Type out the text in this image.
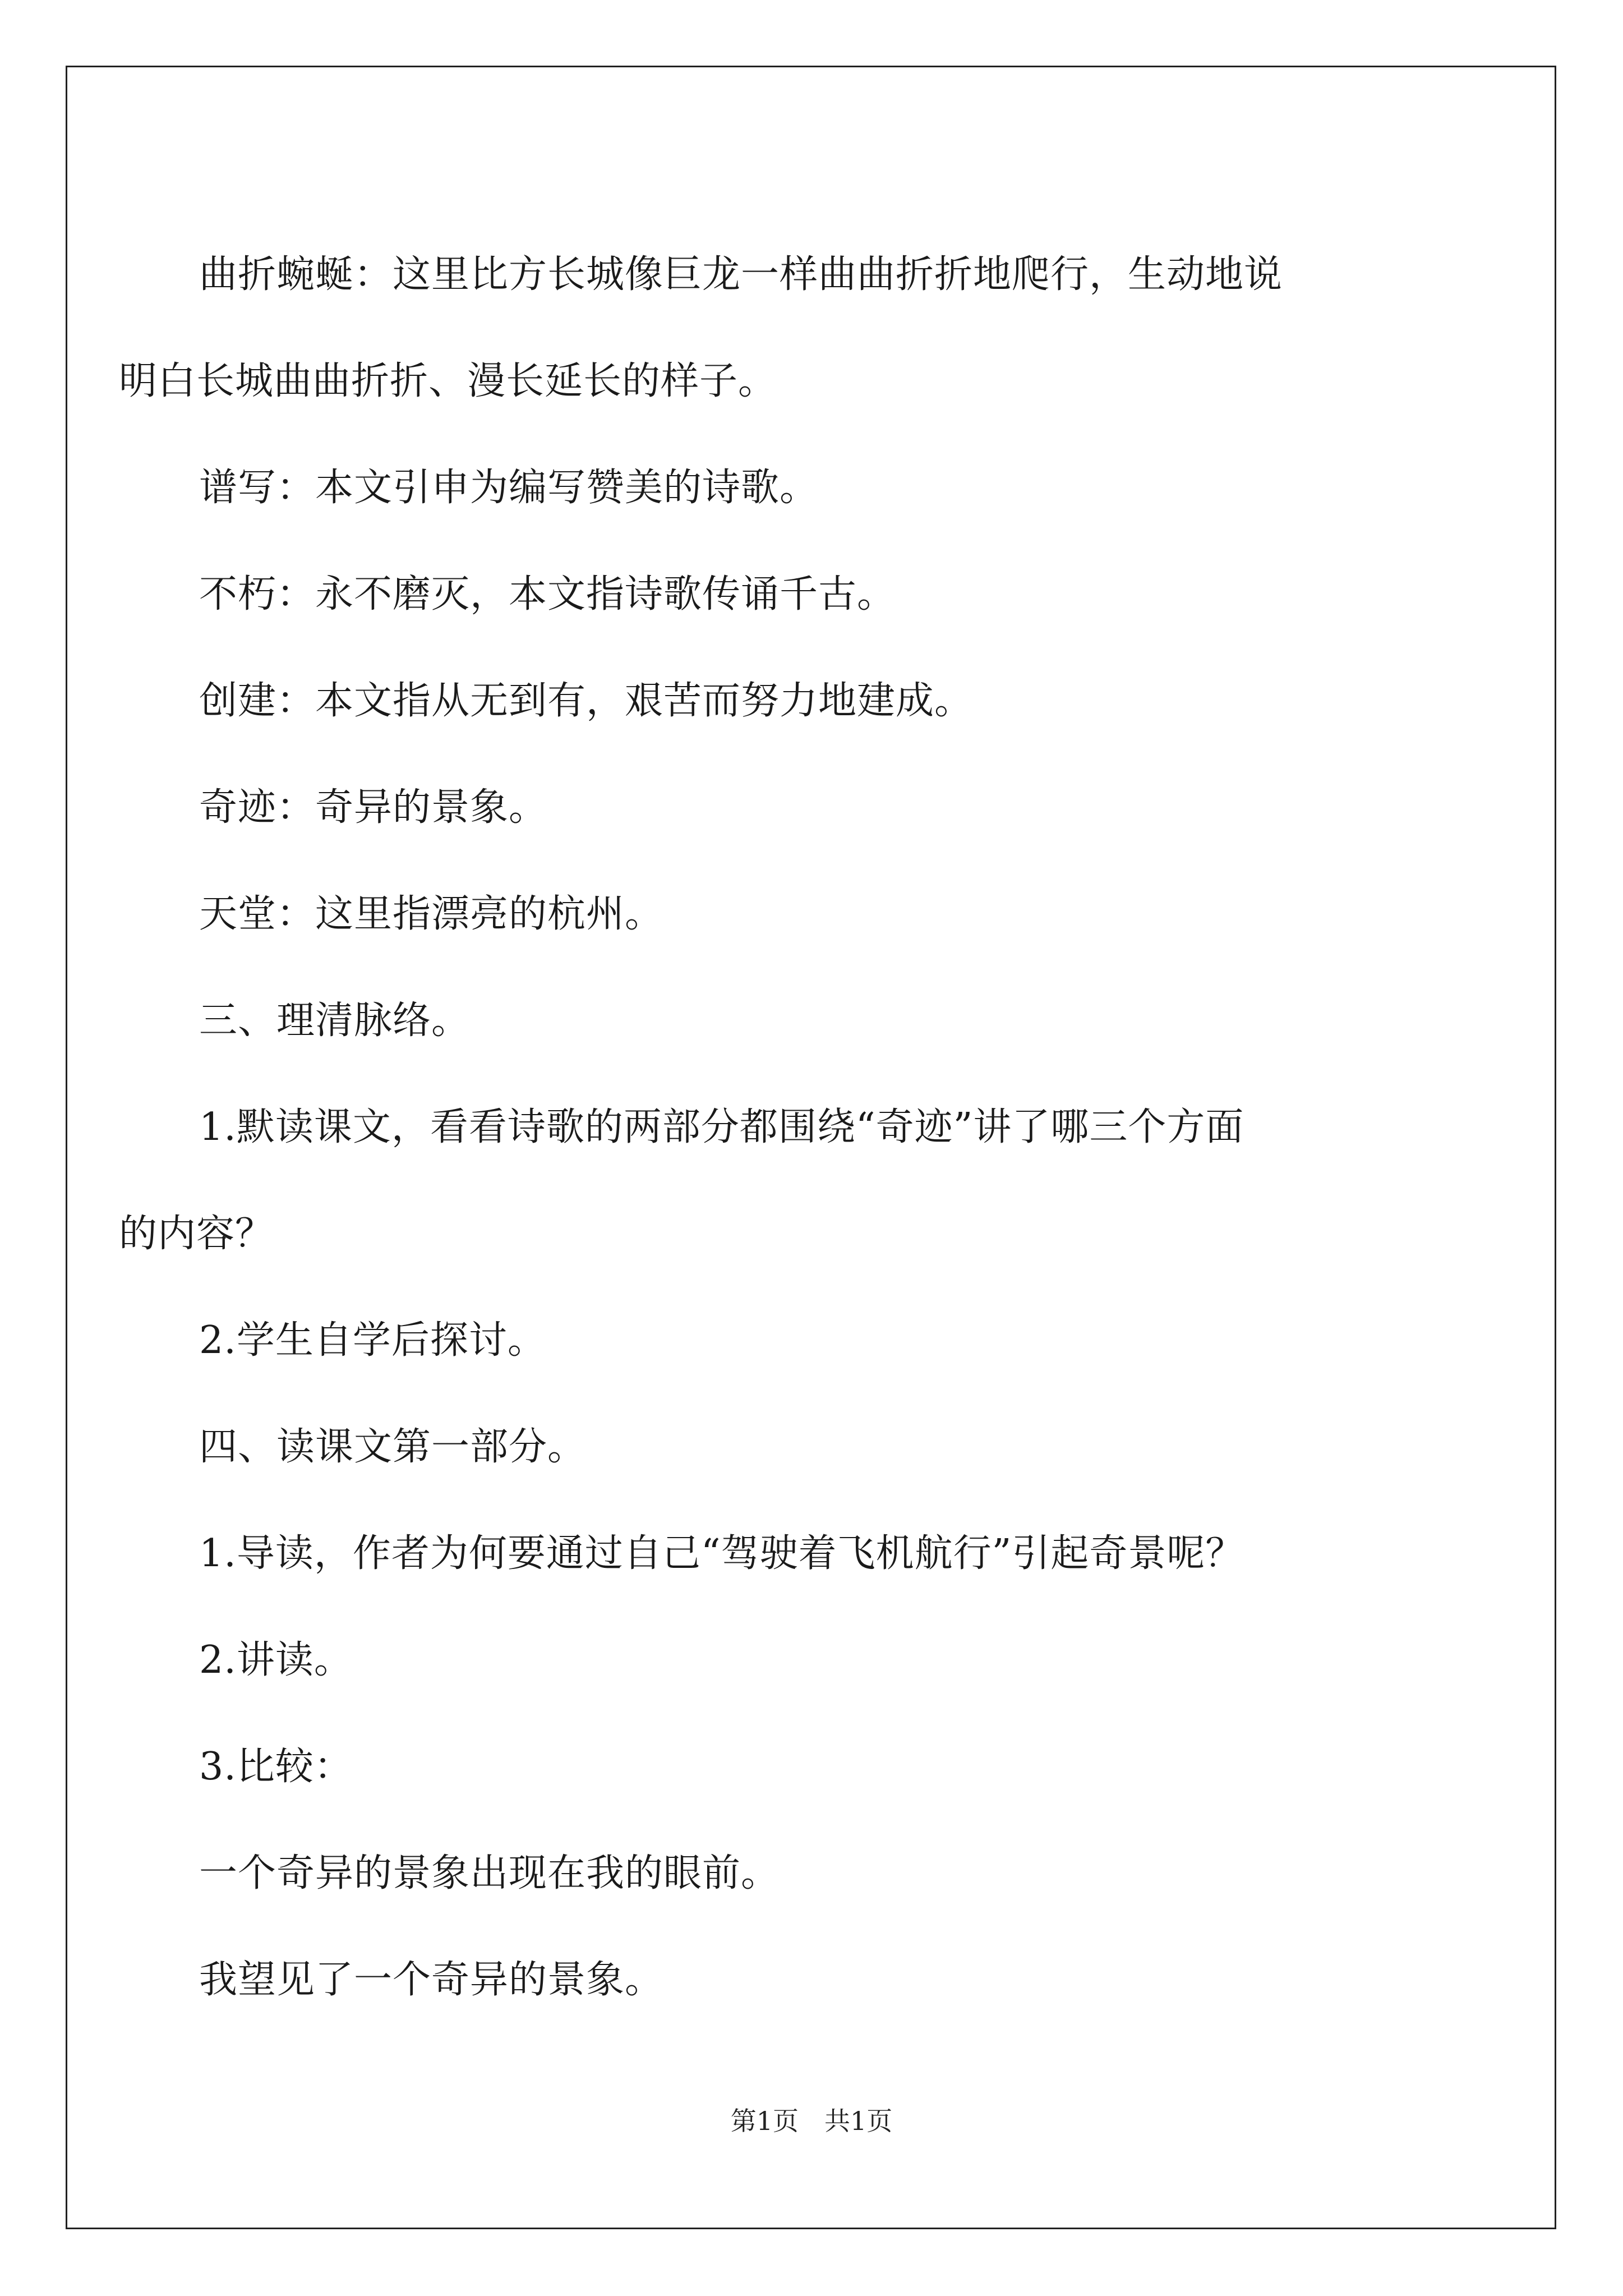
曲折蜿蜒：这里比方长城像巨龙一样曲曲折折地爬行，生动地说

明白长城曲曲折折、漫长延长的样子。

谱写：本文引申为编写赞美的诗歌。

不朽：永不磨灭，本文指诗歌传诵千古。

创建：本文指从无到有，艰苦而努力地建成。

奇迹：奇异的景象。

天堂：这里指漂亮的杭州。

三、理清脉络。

1.默读课文，看看诗歌的两部分都围绕“奇迹”讲了哪三个方面

的内容？

2.学生自学后探讨。

四、读课文第一部分。

1.导读，作者为何要通过自己“驾驶着飞机航行”引起奇景呢？

2.讲读。

3.比较：

一个奇异的景象出现在我的眼前。

我望见了一个奇异的景象。

第1页 共1页
